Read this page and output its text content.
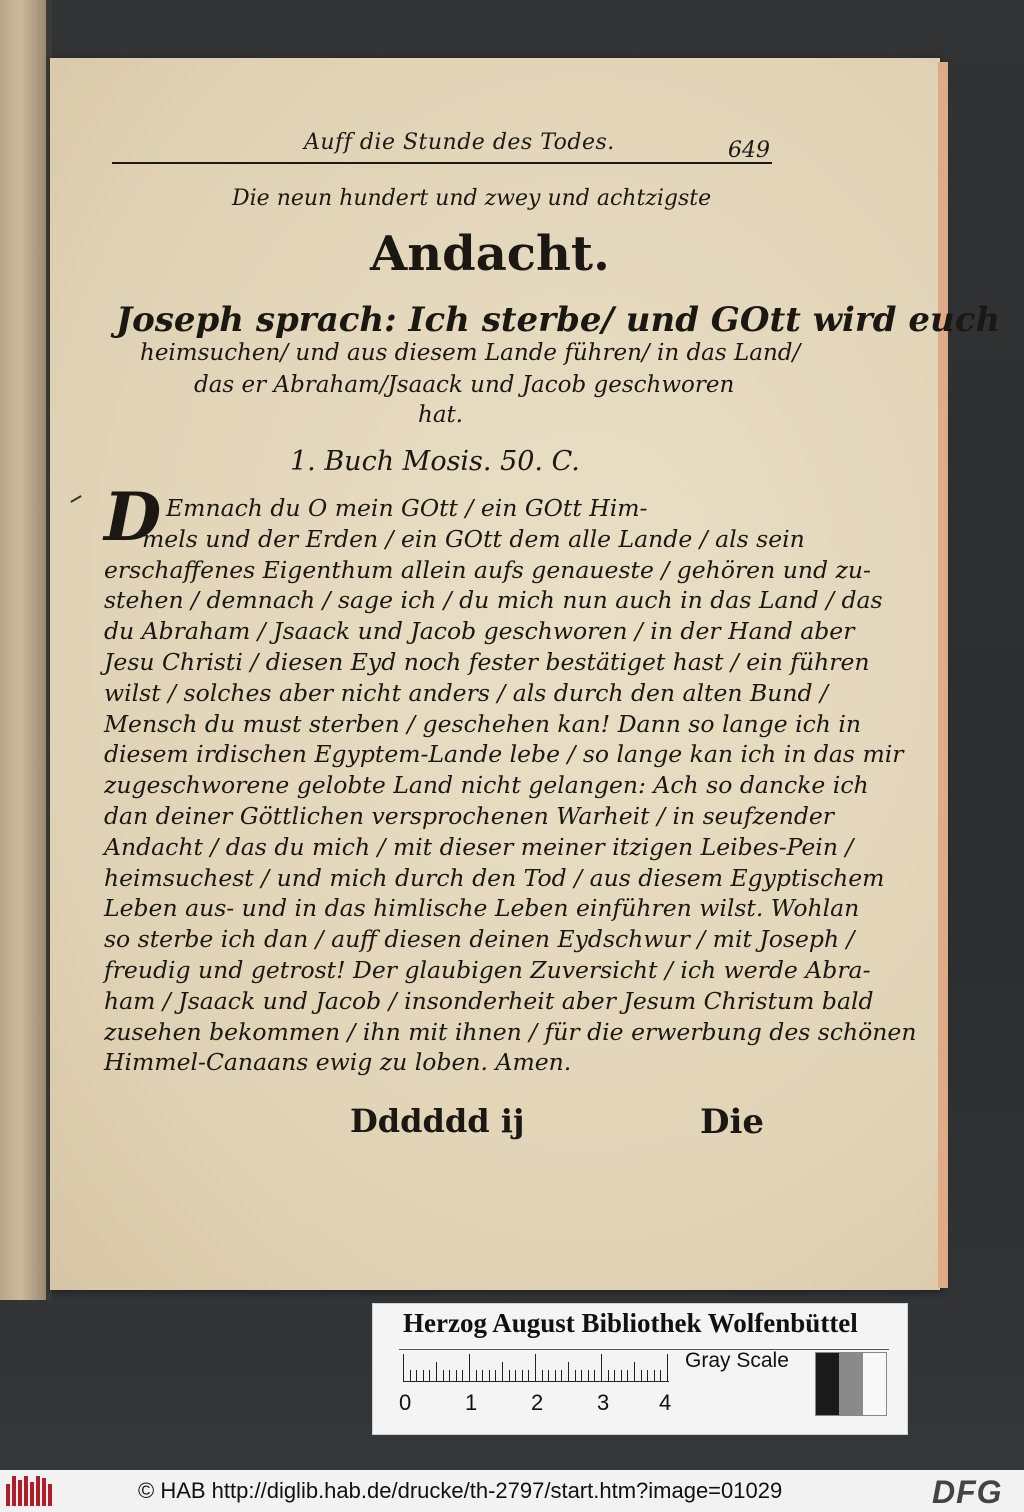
Auff die Stunde des Todes.	649
Die neun hundert und zwey und achtzigste
Andacht.
Joseph sprach: Ich sterbe/ und GOtt wird euch
heimsuchen/ und aus diesem Lande führen/ in das Land/
das er Abraham/Jsaack und Jacob geschworen
hat.
1. Buch Mosis. 50. C.
D Emnach du O mein GOtt / ein GOtt Him-
mels und der Erden / ein GOtt dem alle Lande / als sein
erschaffenes Eigenthum allein aufs genaueste / gehören und zu-
stehen / demnach / sage ich / du mich nun auch in das Land / das
du Abraham / Jsaack und Jacob geschworen / in der Hand aber
Jesu Christi / diesen Eyd noch fester bestätiget hast / ein führen
wilst / solches aber nicht anders / als durch den alten Bund /
Mensch du must sterben / geschehen kan! Dann so lange ich in
diesem irdischen Egyptem-Lande lebe / so lange kan ich in das mir
zugeschworene gelobte Land nicht gelangen: Ach so dancke ich
dan deiner Göttlichen versprochenen Warheit / in seufzender
Andacht / das du mich / mit dieser meiner itzigen Leibes-Pein /
heimsuchest / und mich durch den Tod / aus diesem Egyptischem
Leben aus- und in das himlische Leben einführen wilst. Wohlan
so sterbe ich dan / auff diesen deinen Eydschwur / mit Joseph /
freudig und getrost! Der glaubigen Zuversicht / ich werde Abra-
ham / Jsaack und Jacob / insonderheit aber Jesum Christum bald
zusehen bekommen / ihn mit ihnen / für die erwerbung des schönen
Himmel-Canaans ewig zu loben. Amen.
Dddddd ij	Die
Herzog August Bibliothek Wolfenbüttel
0 1 2 3 4
Gray Scale
© HAB http://diglib.hab.de/drucke/th-2797/start.htm?image=01029	DFG
